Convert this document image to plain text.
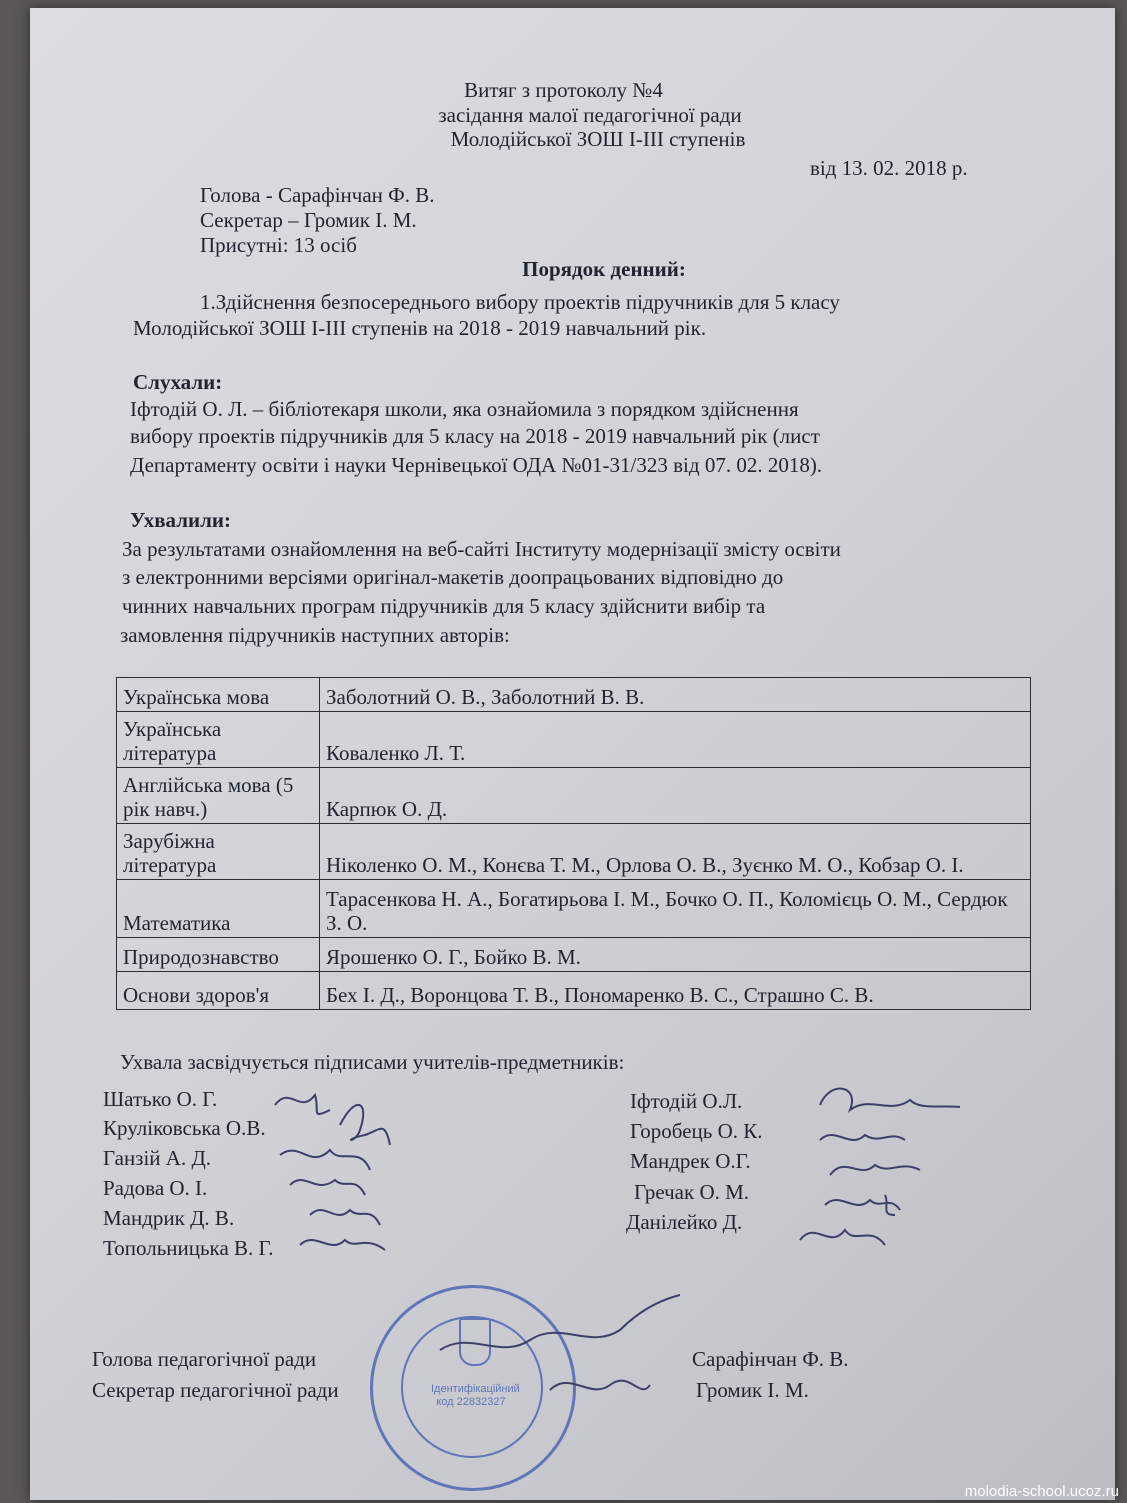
Витяг з протоколу №4
засідання малої педагогічної ради
Молодійської ЗОШ І-ІІІ ступенів
від 13. 02. 2018 р.
Голова - Сарафінчан Ф. В.
Секретар – Громик І. М.
Присутні: 13 осіб
Порядок денний:
1.Здійснення безпосереднього вибору проектів підручників для 5 класу
Молодійської ЗОШ І-ІІІ ступенів на 2018 - 2019 навчальний рік.
Слухали:
Іфтодій О. Л. – бібліотекаря школи, яка ознайомила з порядком здійснення
вибору проектів підручників для 5 класу на 2018 - 2019 навчальний рік (лист
Департаменту освіти і науки Чернівецької ОДА №01-31/323 від 07. 02. 2018).
Ухвалили:
За результатами ознайомлення на веб-сайті Інституту модернізації змісту освіти
з електронними версіями оригінал-макетів доопрацьованих відповідно до
чинних навчальних програм підручників для 5 класу здійснити вибір та
замовлення підручників наступних авторів:
Українська мова	Заболотний О. В., Заболотний В. В.
Українська література	Коваленко Л. Т.
Англійська мова (5 рік навч.)	Карпюк О. Д.
Зарубіжна література	Ніколенко О. М., Конєва Т. М., Орлова О. В., Зуєнко М. О., Кобзар О. І.
Математика	Тарасенкова Н. А., Богатирьова І. М., Бочко О. П., Коломієць О. М., Сердюк З. О.
Природознавство	Ярошенко О. Г., Бойко В. М.
Основи здоров'я	Бех І. Д., Воронцова Т. В., Пономаренко В. С., Страшно С. В.
Ухвала засвідчується підписами учителів-предметників:
Шатько О. Г.
Круліковська О.В.
Ганзій А. Д.
Радова О. І.
Мандрик Д. В.
Топольницька В. Г.
Іфтодій О.Л.
Горобець О. К.
Мандрек О.Г.
Гречак О. М.
Данілейко Д.
Голова педагогічної ради	Сарафінчан Ф. В.
Секретар педагогічної ради	Громик І. М.
Ідентифікаційний код 22832327
molodia-school.ucoz.ru
